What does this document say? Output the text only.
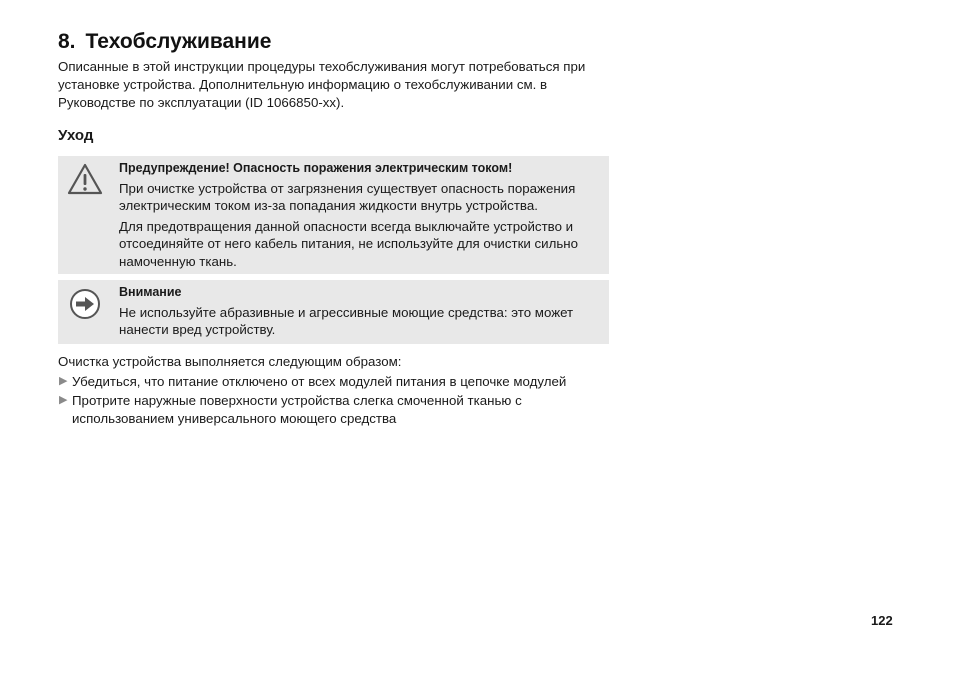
8. Техобслуживание
Описанные в этой инструкции процедуры техобслуживания могут потребоваться при установке устройства. Дополнительную информацию о техобслуживании см. в Руководстве по эксплуатации (ID 1066850-xx).
Уход
Предупреждение! Опасность поражения электрическим током!

При очистке устройства от загрязнения существует опасность поражения электрическим током из-за попадания жидкости внутрь устройства.

Для предотвращения данной опасности всегда выключайте устройство и отсоединяйте от него кабель питания, не используйте для очистки сильно намоченную ткань.

Внимание

Не используйте абразивные и агрессивные моющие средства: это может нанести вред устройству.

Очистка устройства выполняется следующим образом:
▶ Убедиться, что питание отключено от всех модулей питания в цепочке модулей
▶ Протрите наружные поверхности устройства слегка смоченной тканью с использованием универсального моющего средства
122
